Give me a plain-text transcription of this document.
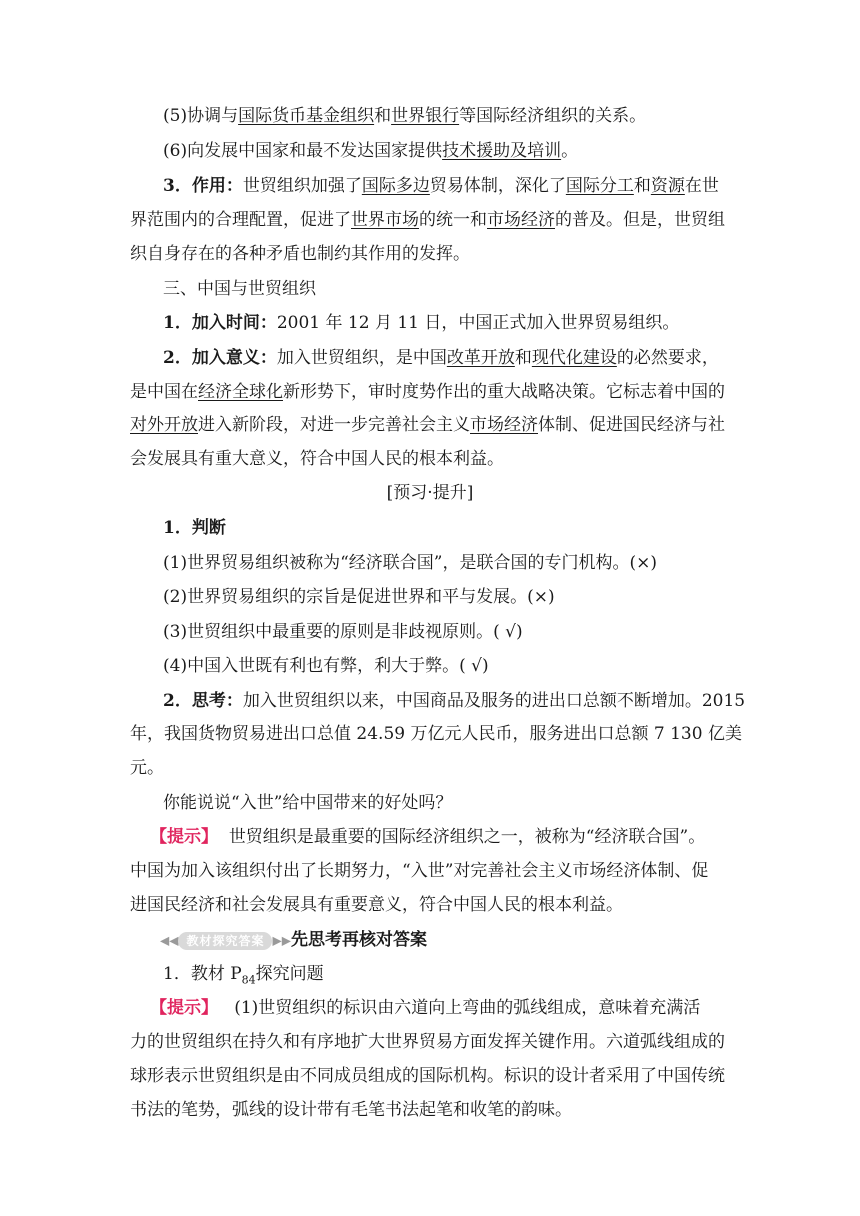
(5)协调与国际货币基金组织和世界银行等国际经济组织的关系。
(6)向发展中国家和最不发达国家提供技术援助及培训。
3．作用：世贸组织加强了国际多边贸易体制，深化了国际分工和资源在世
界范围内的合理配置，促进了世界市场的统一和市场经济的普及。但是，世贸组
织自身存在的各种矛盾也制约其作用的发挥。
三、中国与世贸组织
1．加入时间：2001 年 12 月 11 日，中国正式加入世界贸易组织。
2．加入意义：加入世贸组织，是中国改革开放和现代化建设的必然要求，
是中国在经济全球化新形势下，审时度势作出的重大战略决策。它标志着中国的
对外开放进入新阶段，对进一步完善社会主义市场经济体制、促进国民经济与社
会发展具有重大意义，符合中国人民的根本利益。
[预习·提升]
1．判断
(1)世界贸易组织被称为“经济联合国”，是联合国的专门机构。(×)
(2)世界贸易组织的宗旨是促进世界和平与发展。(×)
(3)世贸组织中最重要的原则是非歧视原则。( √)
(4)中国入世既有利也有弊，利大于弊。( √)
2．思考：加入世贸组织以来，中国商品及服务的进出口总额不断增加。2015
年，我国货物贸易进出口总值 24.59 万亿元人民币，服务进出口总额 7 130 亿美
元。
你能说说“入世”给中国带来的好处吗？
【提示】 世贸组织是最重要的国际经济组织之一，被称为“经济联合国”。
中国为加入该组织付出了长期努力，“入世”对完善社会主义市场经济体制、促
进国民经济和社会发展具有重要意义，符合中国人民的根本利益。
◀◀ 教材探究答案 ▶▶先思考再核对答案
1．教材 $P_{84}$探究问题
【提示】 (1)世贸组织的标识由六道向上弯曲的弧线组成，意味着充满活
力的世贸组织在持久和有序地扩大世界贸易方面发挥关键作用。六道弧线组成的
球形表示世贸组织是由不同成员组成的国际机构。标识的设计者采用了中国传统
书法的笔势，弧线的设计带有毛笔书法起笔和收笔的韵味。
